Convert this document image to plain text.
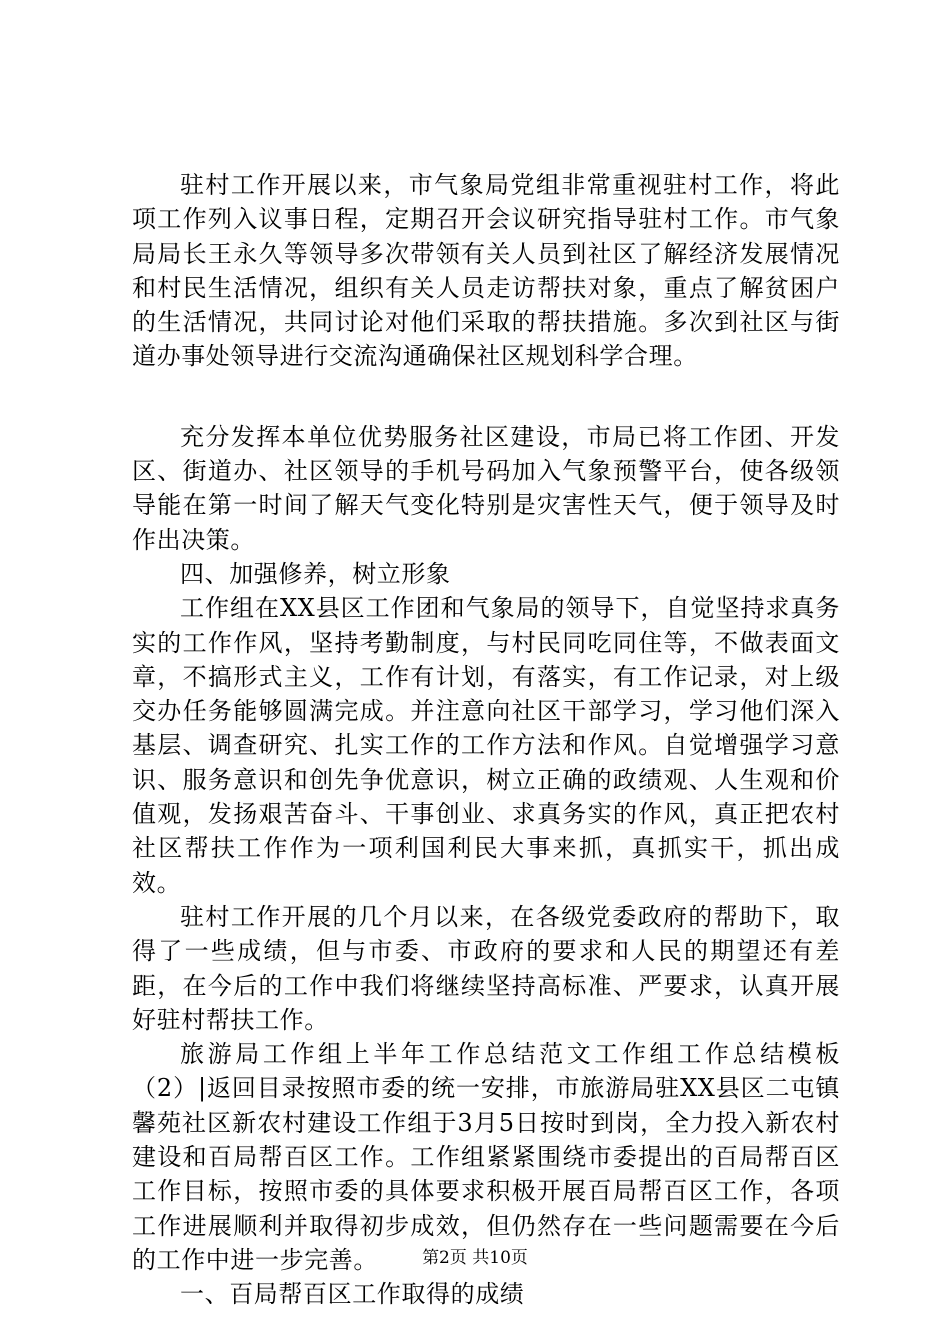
驻村工作开展以来，市气象局党组非常重视驻村工作，将此项工作列入议事日程，定期召开会议研究指导驻村工作。市气象局局长王永久等领导多次带领有关人员到社区了解经济发展情况和村民生活情况，组织有关人员走访帮扶对象，重点了解贫困户的生活情况，共同讨论对他们采取的帮扶措施。多次到社区与街道办事处领导进行交流沟通确保社区规划科学合理。

充分发挥本单位优势服务社区建设，市局已将工作团、开发区、街道办、社区领导的手机号码加入气象预警平台，使各级领导能在第一时间了解天气变化特别是灾害性天气，便于领导及时作出决策。

四、加强修养，树立形象

工作组在XX县区工作团和气象局的领导下，自觉坚持求真务实的工作作风，坚持考勤制度，与村民同吃同住等，不做表面文章，不搞形式主义，工作有计划，有落实，有工作记录，对上级交办任务能够圆满完成。并注意向社区干部学习，学习他们深入基层、调查研究、扎实工作的工作方法和作风。自觉增强学习意识、服务意识和创先争优意识，树立正确的政绩观、人生观和价值观，发扬艰苦奋斗、干事创业、求真务实的作风，真正把农村社区帮扶工作作为一项利国利民大事来抓，真抓实干，抓出成效。

驻村工作开展的几个月以来，在各级党委政府的帮助下，取得了一些成绩，但与市委、市政府的要求和人民的期望还有差距，在今后的工作中我们将继续坚持高标准、严要求，认真开展好驻村帮扶工作。

旅游局工作组上半年工作总结范文工作组工作总结模板（2）|返回目录按照市委的统一安排，市旅游局驻XX县区二屯镇馨苑社区新农村建设工作组于3月5日按时到岗，全力投入新农村建设和百局帮百区工作。工作组紧紧围绕市委提出的百局帮百区工作目标，按照市委的具体要求积极开展百局帮百区工作，各项工作进展顺利并取得初步成效，但仍然存在一些问题需要在今后的工作中进一步完善。

一、百局帮百区工作取得的成绩

第2页 共10页
